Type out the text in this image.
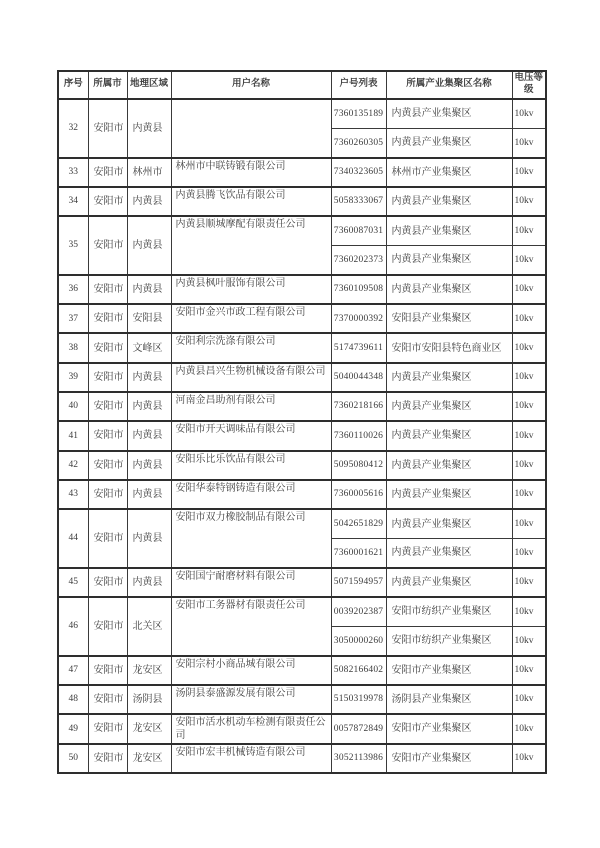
序号	所属市	地理区域	用户名称	户号列表	所属产业集聚区名称	电压等级
32	安阳市	内黄县		7360135189	内黄县产业集聚区	10kv
				7360260305	内黄县产业集聚区	10kv
33	安阳市	林州市	林州市中联铸锻有限公司	7340323605	林州市产业集聚区	10kv
34	安阳市	内黄县	内黄县腾飞饮品有限公司	5058333067	内黄县产业集聚区	10kv
35	安阳市	内黄县	内黄县顺城摩配有限责任公司	7360087031	内黄县产业集聚区	10kv
				7360202373	内黄县产业集聚区	10kv
36	安阳市	内黄县	内黄县枫叶服饰有限公司	7360109508	内黄县产业集聚区	10kv
37	安阳市	安阳县	安阳市金兴市政工程有限公司	7370000392	安阳县产业集聚区	10kv
38	安阳市	文峰区	安阳利宗洗涤有限公司	5174739611	安阳市安阳县特色商业区	10kv
39	安阳市	内黄县	内黄县昌兴生物机械设备有限公司	5040044348	内黄县产业集聚区	10kv
40	安阳市	内黄县	河南金昌助剂有限公司	7360218166	内黄县产业集聚区	10kv
41	安阳市	内黄县	安阳市开天调味品有限公司	7360110026	内黄县产业集聚区	10kv
42	安阳市	内黄县	安阳乐比乐饮品有限公司	5095080412	内黄县产业集聚区	10kv
43	安阳市	内黄县	安阳华泰特钢铸造有限公司	7360005616	内黄县产业集聚区	10kv
44	安阳市	内黄县	安阳市双力橡胶制品有限公司	5042651829	内黄县产业集聚区	10kv
				7360001621	内黄县产业集聚区	10kv
45	安阳市	内黄县	安阳国宁耐磨材料有限公司	5071594957	内黄县产业集聚区	10kv
46	安阳市	北关区	安阳市工务器材有限责任公司	0039202387	安阳市纺织产业集聚区	10kv
				3050000260	安阳市纺织产业集聚区	10kv
47	安阳市	龙安区	安阳宗村小商品城有限公司	5082166402	安阳市产业集聚区	10kv
48	安阳市	汤阴县	汤阴县泰盛源发展有限公司	5150319978	汤阴县产业集聚区	10kv
49	安阳市	龙安区	安阳市活水机动车检测有限责任公司	0057872849	安阳市产业集聚区	10kv
50	安阳市	龙安区	安阳市宏丰机械铸造有限公司	3052113986	安阳市产业集聚区	10kv
